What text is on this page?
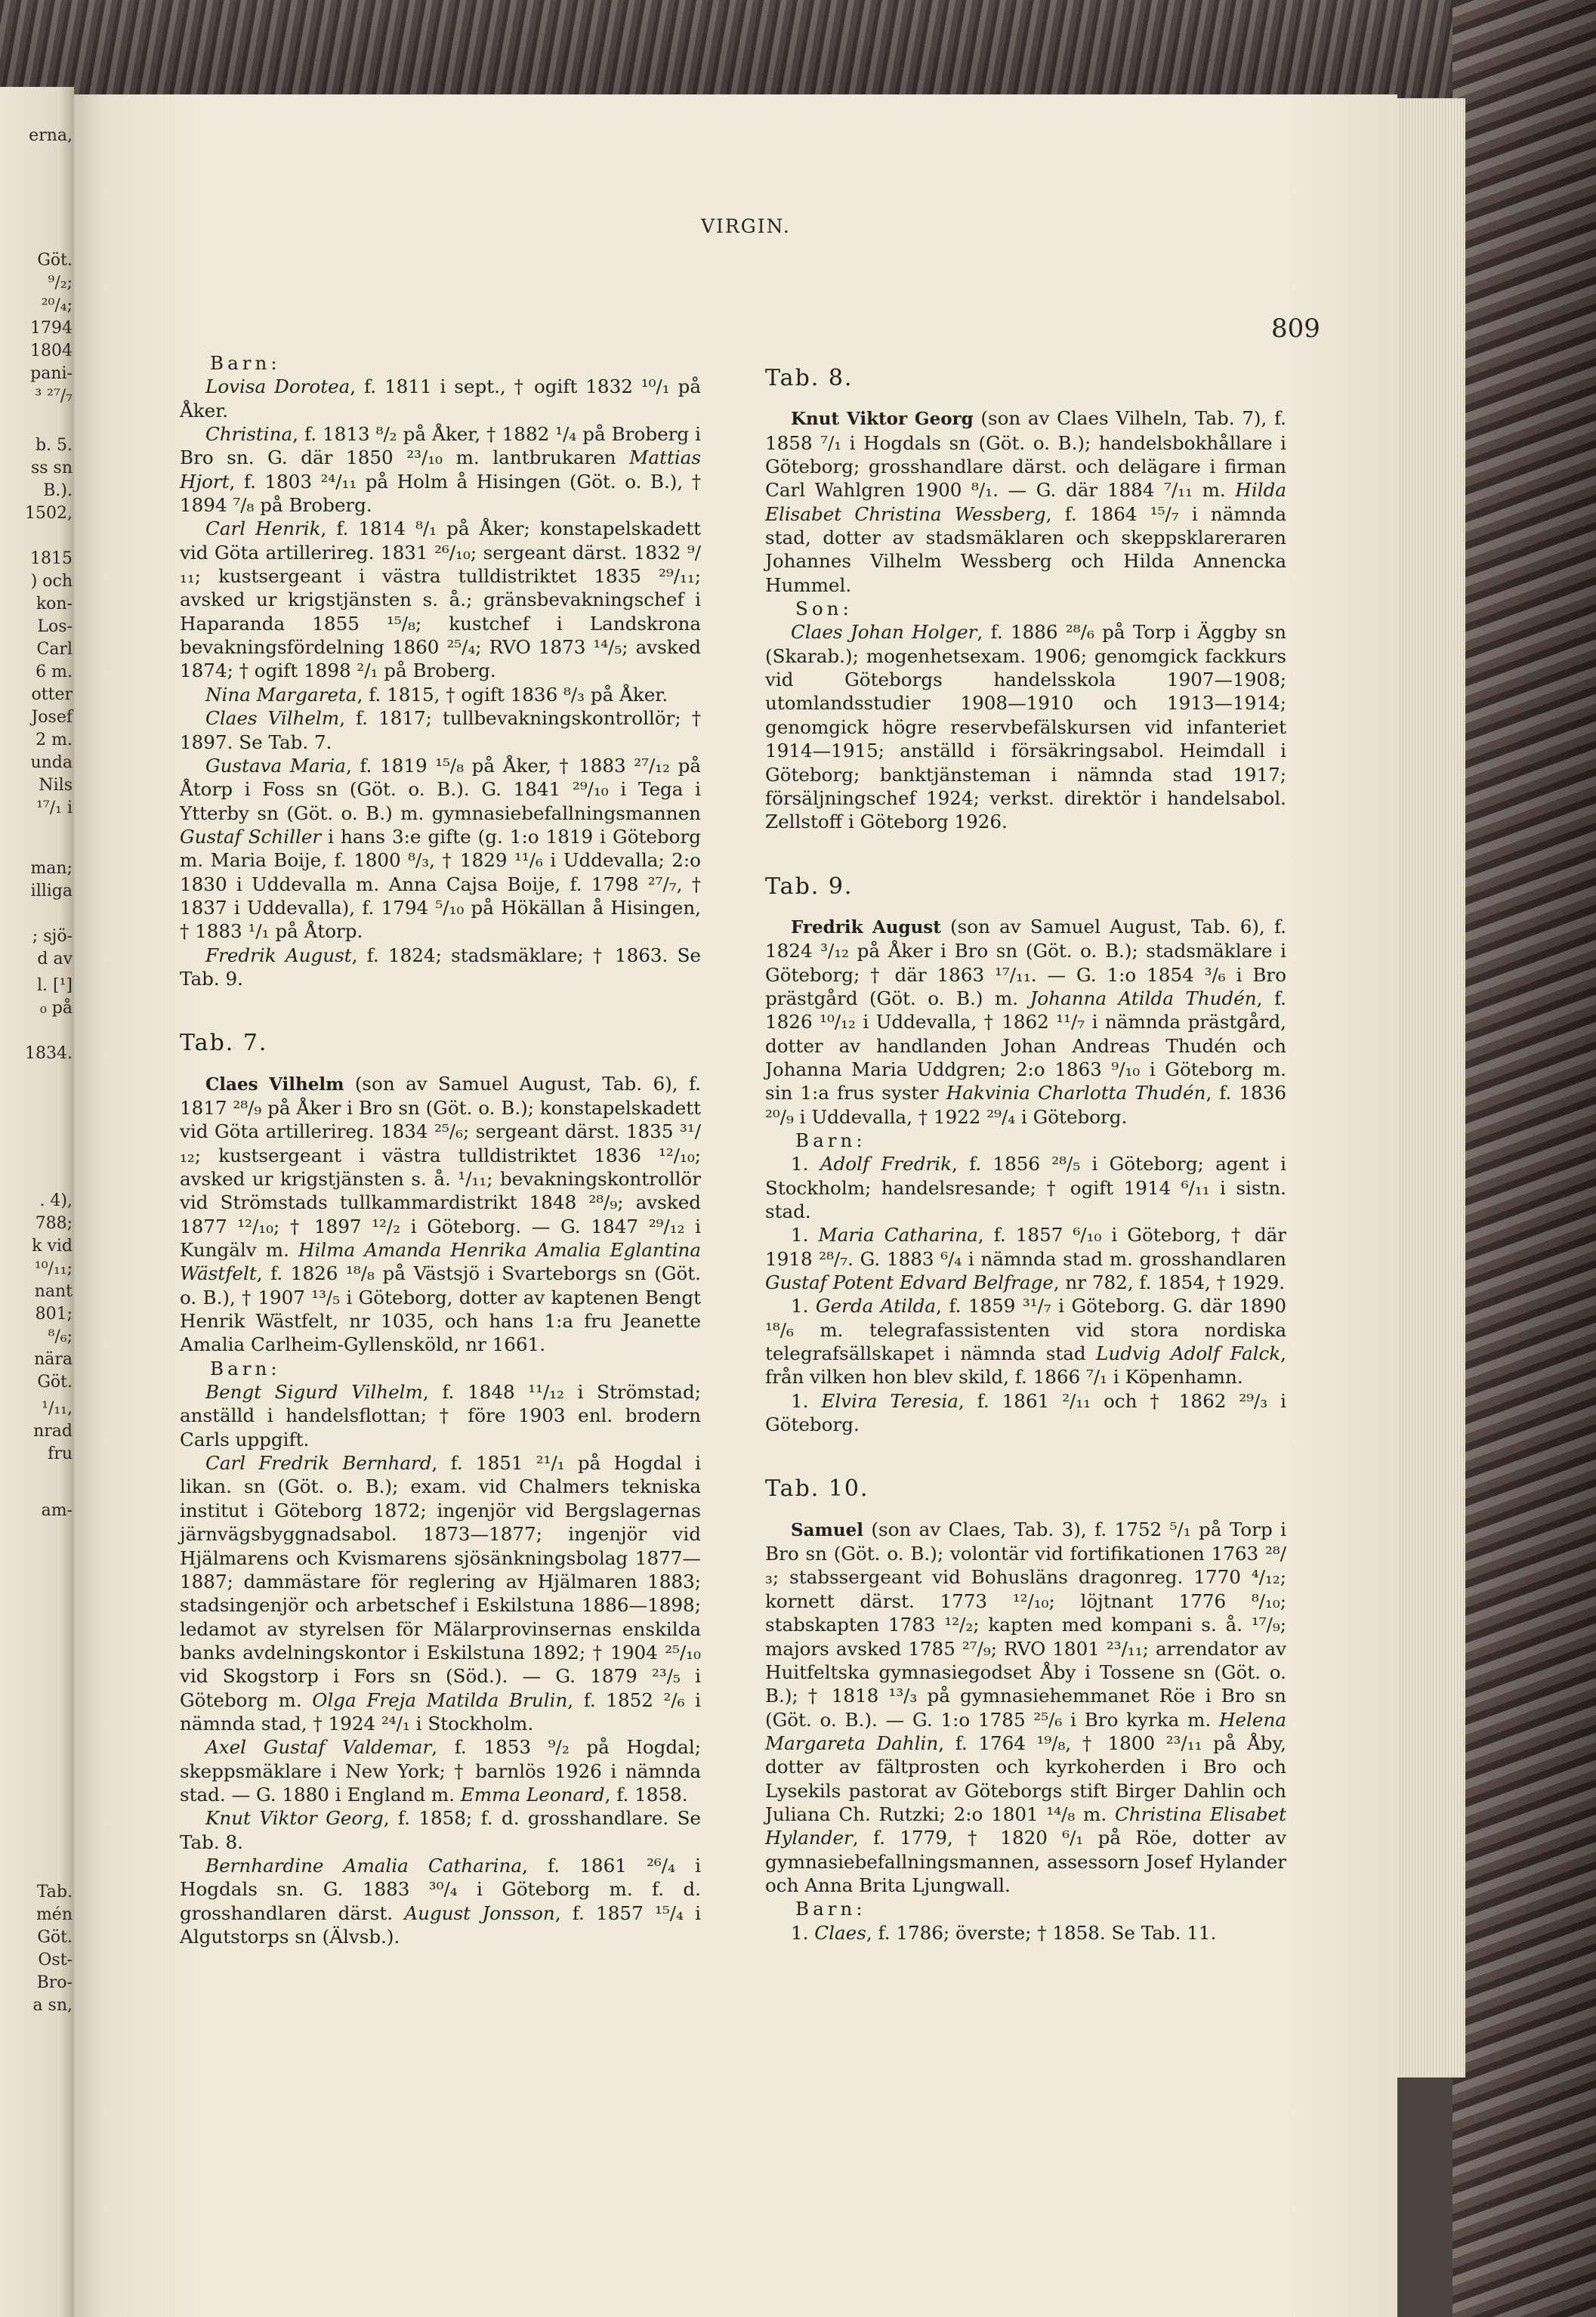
erna,
Göt.
⁹/₂;
²⁰/₄;
1794
1804
pani-
³ ²⁷/₇
b. 5.
ss sn
B.).
1502,
1815
) och
kon-
Los-
Carl
6 m.
otter
Josef
2 m.
unda
Nils
¹⁷/₁ i
man;
illiga
; sjö-
d av
l. [¹]
₀ på
1834.
. 4),
788;
k vid
¹⁰/₁₁;
nant
801;
⁸/₆;
nära
Göt.
¹/₁₁,
nrad
fru
am-
Tab.
mén
Göt.
Ost-
Bro-
a sn,
VIRGIN.
809

Barn:

Lovisa Dorotea, f. 1811 i sept., † ogift 1832 ¹⁰/₁ på Åker.

Christina, f. 1813 ⁸/₂ på Åker, † 1882 ¹/₄ på Broberg i Bro sn. G. där 1850 ²³/₁₀ m. lantbrukaren Mattias Hjort, f. 1803 ²⁴/₁₁ på Holm å Hisingen (Göt. o. B.), † 1894 ⁷/₈ på Broberg.

Carl Henrik, f. 1814 ⁸/₁ på Åker; konstapelskadett vid Göta artillerireg. 1831 ²⁶/₁₀; sergeant därst. 1832 ⁹/₁₁; kustsergeant i västra tulldistriktet 1835 ²⁹/₁₁; avsked ur krigstjänsten s. å.; gränsbevakningschef i Haparanda 1855 ¹⁵/₈; kustchef i Landskrona bevakningsfördelning 1860 ²⁵/₄; RVO 1873 ¹⁴/₅; avsked 1874; † ogift 1898 ²/₁ på Broberg.

Nina Margareta, f. 1815, † ogift 1836 ⁸/₃ på Åker.

Claes Vilhelm, f. 1817; tullbevakningskontrollör; † 1897. Se Tab. 7.

Gustava Maria, f. 1819 ¹⁵/₈ på Åker, † 1883 ²⁷/₁₂ på Åtorp i Foss sn (Göt. o. B.). G. 1841 ²⁹/₁₀ i Tega i Ytterby sn (Göt. o. B.) m. gymnasiebefallningsmannen Gustaf Schiller i hans 3:e gifte (g. 1:o 1819 i Göteborg m. Maria Boije, f. 1800 ⁸/₃, † 1829 ¹¹/₆ i Uddevalla; 2:o 1830 i Uddevalla m. Anna Cajsa Boije, f. 1798 ²⁷/₇, † 1837 i Uddevalla), f. 1794 ⁵/₁₀ på Hökällan å Hisingen, † 1883 ¹/₁ på Åtorp.

Fredrik August, f. 1824; stadsmäklare; † 1863. Se Tab. 9.

Tab. 7.

Claes Vilhelm (son av Samuel August, Tab. 6), f. 1817 ²⁸/₉ på Åker i Bro sn (Göt. o. B.); konstapelskadett vid Göta artillerireg. 1834 ²⁵/₆; sergeant därst. 1835 ³¹/₁₂; kustsergeant i västra tulldistriktet 1836 ¹²/₁₀; avsked ur krigstjänsten s. å. ¹/₁₁; bevakningskontrollör vid Strömstads tullkammardistrikt 1848 ²⁸/₉; avsked 1877 ¹²/₁₀; † 1897 ¹²/₂ i Göteborg. — G. 1847 ²⁹/₁₂ i Kungälv m. Hilma Amanda Henrika Amalia Eglantina Wästfelt, f. 1826 ¹⁸/₈ på Västsjö i Svarteborgs sn (Göt. o. B.), † 1907 ¹³/₅ i Göteborg, dotter av kaptenen Bengt Henrik Wästfelt, nr 1035, och hans 1:a fru Jeanette Amalia Carlheim-Gyllensköld, nr 1661.

Barn:

Bengt Sigurd Vilhelm, f. 1848 ¹¹/₁₂ i Strömstad; anställd i handelsflottan; † före 1903 enl. brodern Carls uppgift.

Carl Fredrik Bernhard, f. 1851 ²¹/₁ på Hogdal i likan. sn (Göt. o. B.); exam. vid Chalmers tekniska institut i Göteborg 1872; ingenjör vid Bergslagernas järnvägsbyggnadsabol. 1873—1877; ingenjör vid Hjälmarens och Kvismarens sjösänkningsbolag 1877—1887; dammästare för reglering av Hjälmaren 1883; stadsingenjör och arbetschef i Eskilstuna 1886—1898; ledamot av styrelsen för Mälarprovinsernas enskilda banks avdelningskontor i Eskilstuna 1892; † 1904 ²⁵/₁₀ vid Skogstorp i Fors sn (Söd.). — G. 1879 ²³/₅ i Göteborg m. Olga Freja Matilda Brulin, f. 1852 ²/₆ i nämnda stad, † 1924 ²⁴/₁ i Stockholm.

Axel Gustaf Valdemar, f. 1853 ⁹/₂ på Hogdal; skeppsmäklare i New York; † barnlös 1926 i nämnda stad. — G. 1880 i England m. Emma Leonard, f. 1858.

Knut Viktor Georg, f. 1858; f. d. grosshandlare. Se Tab. 8.

Bernhardine Amalia Catharina, f. 1861 ²⁶/₄ i Hogdals sn. G. 1883 ³⁰/₄ i Göteborg m. f. d. grosshandlaren därst. August Jonsson, f. 1857 ¹⁵/₄ i Algutstorps sn (Älvsb.).

Tab. 8.

Knut Viktor Georg (son av Claes Vilheln, Tab. 7), f. 1858 ⁷/₁ i Hogdals sn (Göt. o. B.); handelsbokhållare i Göteborg; grosshandlare därst. och delägare i firman Carl Wahlgren 1900 ⁸/₁. — G. där 1884 ⁷/₁₁ m. Hilda Elisabet Christina Wessberg, f. 1864 ¹⁵/₇ i nämnda stad, dotter av stadsmäklaren och skeppsklareraren Johannes Vilhelm Wessberg och Hilda Annencka Hummel.

Son:

Claes Johan Holger, f. 1886 ²⁸/₆ på Torp i Äggby sn (Skarab.); mogenhetsexam. 1906; genomgick fackkurs vid Göteborgs handelsskola 1907—1908; utomlandsstudier 1908—1910 och 1913—1914; genomgick högre reservbefälskursen vid infanteriet 1914—1915; anställd i försäkringsabol. Heimdall i Göteborg; banktjänsteman i nämnda stad 1917; försäljningschef 1924; verkst. direktör i handelsabol. Zellstoff i Göteborg 1926.

Tab. 9.

Fredrik August (son av Samuel August, Tab. 6), f. 1824 ³/₁₂ på Åker i Bro sn (Göt. o. B.); stadsmäklare i Göteborg; † där 1863 ¹⁷/₁₁. — G. 1:o 1854 ³/₆ i Bro prästgård (Göt. o. B.) m. Johanna Atilda Thudén, f. 1826 ¹⁰/₁₂ i Uddevalla, † 1862 ¹¹/₇ i nämnda prästgård, dotter av handlanden Johan Andreas Thudén och Johanna Maria Uddgren; 2:o 1863 ⁹/₁₀ i Göteborg m. sin 1:a frus syster Hakvinia Charlotta Thudén, f. 1836 ²⁰/₉ i Uddevalla, † 1922 ²⁹/₄ i Göteborg.

Barn:

1. Adolf Fredrik, f. 1856 ²⁸/₅ i Göteborg; agent i Stockholm; handelsresande; † ogift 1914 ⁶/₁₁ i sistn. stad.

1. Maria Catharina, f. 1857 ⁶/₁₀ i Göteborg, † där 1918 ²⁸/₇. G. 1883 ⁶/₄ i nämnda stad m. grosshandlaren Gustaf Potent Edvard Belfrage, nr 782, f. 1854, † 1929.

1. Gerda Atilda, f. 1859 ³¹/₇ i Göteborg. G. där 1890 ¹⁸/₆ m. telegrafassistenten vid stora nordiska telegrafsällskapet i nämnda stad Ludvig Adolf Falck, från vilken hon blev skild, f. 1866 ⁷/₁ i Köpenhamn.

1. Elvira Teresia, f. 1861 ²/₁₁ och † 1862 ²⁹/₃ i Göteborg.

Tab. 10.

Samuel (son av Claes, Tab. 3), f. 1752 ⁵/₁ på Torp i Bro sn (Göt. o. B.); volontär vid fortifikationen 1763 ²⁸/₃; stabssergeant vid Bohusläns dragonreg. 1770 ⁴/₁₂; kornett därst. 1773 ¹²/₁₀; löjtnant 1776 ⁸/₁₀; stabskapten 1783 ¹²/₂; kapten med kompani s. å. ¹⁷/₉; majors avsked 1785 ²⁷/₉; RVO 1801 ²³/₁₁; arrendator av Huitfeltska gymnasiegodset Åby i Tossene sn (Göt. o. B.); † 1818 ¹³/₃ på gymnasiehemmanet Röe i Bro sn (Göt. o. B.). — G. 1:o 1785 ²⁵/₆ i Bro kyrka m. Helena Margareta Dahlin, f. 1764 ¹⁹/₈, † 1800 ²³/₁₁ på Åby, dotter av fältprosten och kyrkoherden i Bro och Lysekils pastorat av Göteborgs stift Birger Dahlin och Juliana Ch. Rutzki; 2:o 1801 ¹⁴/₈ m. Christina Elisabet Hylander, f. 1779, † 1820 ⁶/₁ på Röe, dotter av gymnasiebefallningsmannen, assessorn Josef Hylander och Anna Brita Ljungwall.

Barn:

1. Claes, f. 1786; överste; † 1858. Se Tab. 11.
